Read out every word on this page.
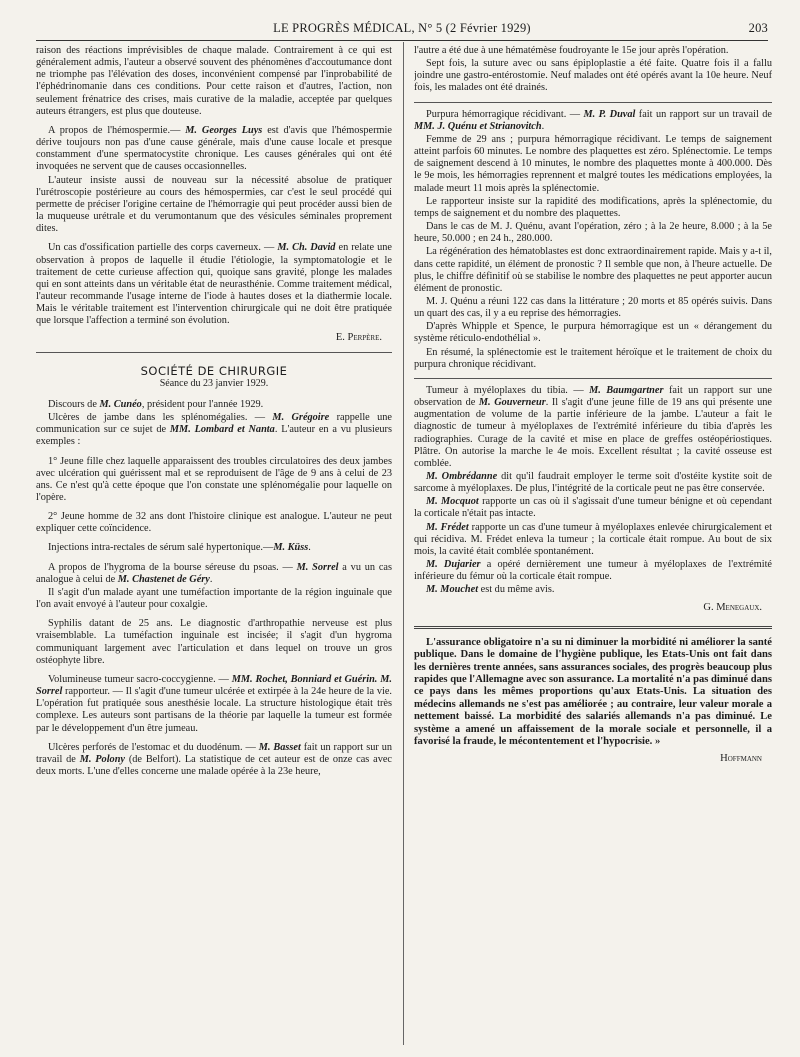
LE PROGRÈS MÉDICAL, N° 5 (2 Février 1929)	203

raison des réactions imprévisibles de chaque malade. Contrairement à ce qui est généralement admis, l'auteur a observé souvent des phénomènes d'accoutumance dont ne triomphe pas l'élévation des doses, inconvénient compensé par l'inprobabilité de l'éphédrinomanie dans ces conditions. Pour cette raison et d'autres, l'action, non seulement frénatrice des crises, mais curative de la maladie, acceptée par quelques auteurs étrangers, est plus que douteuse.

A propos de l'hémospermie.— M. Georges Luys est d'avis que l'hémospermie dérive toujours non pas d'une cause générale, mais d'une cause locale et presque constamment d'une spermatocystite chronique. Les causes générales qui ont été invoquées ne servent que de causes occasionnelles.

L'auteur insiste aussi de nouveau sur la nécessité absolue de pratiquer l'urétroscopie postérieure au cours des hémospermies, car c'est le seul procédé qui permette de préciser l'origine certaine de l'hémorragie qui peut procéder aussi bien de la muqueuse urétrale et du verumontanum que des vésicules séminales proprement dites.

Un cas d'ossification partielle des corps caverneux. — M. Ch. David en relate une observation à propos de laquelle il étudie l'étiologie, la symptomatologie et le traitement de cette curieuse affection qui, quoique sans gravité, plonge les malades qui en sont atteints dans un véritable état de neurasthénie. Comme traitement médical, l'auteur recommande l'usage interne de l'iode à hautes doses et la diathermie locale. Mais le véritable traitement est l'intervention chirurgicale qui ne doit être pratiquée que lorsque l'affection a terminé son évolution.

E. Perpère.

SOCIÉTÉ DE CHIRURGIE

Séance du 23 janvier 1929.

Discours de M. Cunéo, président pour l'année 1929.

Ulcères de jambe dans les splénomégalies. — M. Grégoire rappelle une communication sur ce sujet de MM. Lombard et Nanta. L'auteur en a vu plusieurs exemples :

1° Jeune fille chez laquelle apparaissent des troubles circulatoires des deux jambes avec ulcération qui guérissent mal et se reproduisent de l'âge de 9 ans à celui de 23 ans. Ce n'est qu'à cette époque que l'on constate une splénomégalie pour laquelle on l'opère.

2° Jeune homme de 32 ans dont l'histoire clinique est analogue. L'auteur ne peut expliquer cette coïncidence.

Injections intra-rectales de sérum salé hypertonique.—M. Küss.

A propos de l'hygroma de la bourse séreuse du psoas. — M. Sorrel a vu un cas analogue à celui de M. Chastenet de Géry.

Il s'agit d'un malade ayant une tuméfaction importante de la région inguinale que l'on avait envoyé à l'auteur pour coxalgie.

Syphilis datant de 25 ans. Le diagnostic d'arthropathie nerveuse est plus vraisemblable. La tuméfaction inguinale est incisée; il s'agit d'un hygroma communiquant largement avec l'articulation et dans lequel on trouve un gros ostéophyte libre.

Volumineuse tumeur sacro-coccygienne. — MM. Rochet, Bonniard et Guérin. M. Sorrel rapporteur. — Il s'agit d'une tumeur ulcérée et extirpée à la 24e heure de la vie. L'opération fut pratiquée sous anesthésie locale. La structure histologique était très complexe. Les auteurs sont partisans de la théorie par laquelle la tumeur est formée par le développement d'un être jumeau.

Ulcères perforés de l'estomac et du duodénum. — M. Basset fait un rapport sur un travail de M. Polony (de Belfort). La statistique de cet auteur est de onze cas avec deux morts. L'une d'elles concerne une malade opérée à la 23e heure,

l'autre a été due à une hématémèse foudroyante le 15e jour après l'opération.

Sept fois, la suture avec ou sans épiploplastie a été faite. Quatre fois il a fallu joindre une gastro-entérostomie. Neuf malades ont été opérés avant la 10e heure. Neuf fois, les malades ont été drainés.

Purpura hémorragique récidivant. — M. P. Duval fait un rapport sur un travail de MM. J. Quénu et Strianovitch.

Femme de 29 ans ; purpura hémorragique récidivant. Le temps de saignement atteint parfois 60 minutes. Le nombre des plaquettes est zéro. Splénectomie. Le temps de saignement descend à 10 minutes, le nombre des plaquettes monte à 400.000. Dès le 9e mois, les hémorragies reprennent et malgré toutes les médications employées, la malade meurt 11 mois après la splénectomie.

Le rapporteur insiste sur la rapidité des modifications, après la splénectomie, du temps de saignement et du nombre des plaquettes.

Dans le cas de M. J. Quénu, avant l'opération, zéro ; à la 2e heure, 8.000 ; à la 5e heure, 50.000 ; en 24 h., 280.000.

La régénération des hématoblastes est donc extraordinairement rapide. Mais y a-t il, dans cette rapidité, un élément de pronostic ? Il semble que non, à l'heure actuelle. De plus, le chiffre définitif où se stabilise le nombre des plaquettes ne peut apporter aucun élément de pronostic.

M. J. Quénu a réuni 122 cas dans la littérature ; 20 morts et 85 opérés suivis. Dans un quart des cas, il y a eu reprise des hémorragies.

D'après Whipple et Spence, le purpura hémorragique est un « dérangement du système réticulo-endothélial ».

En résumé, la splénectomie est le traitement héroïque et le traitement de choix du purpura chronique récidivant.

Tumeur à myéloplaxes du tibia. — M. Baumgartner fait un rapport sur une observation de M. Gouverneur. Il s'agit d'une jeune fille de 19 ans qui présente une augmentation de volume de la partie inférieure de la jambe. L'auteur a fait le diagnostic de tumeur à myéloplaxes de l'extrémité inférieure du tibia d'après les radiographies. Curage de la cavité et mise en place de greffes ostéopériostiques. Plâtre. On autorise la marche le 4e mois. Excellent résultat ; la cavité osseuse est comblée.

M. Ombrédanne dit qu'il faudrait employer le terme soit d'ostéite kystite soit de sarcome à myéloplaxes. De plus, l'intégrité de la corticale peut ne pas être conservée.

M. Mocquot rapporte un cas où il s'agissait d'une tumeur bénigne et où cependant la corticale n'était pas intacte.

M. Frédet rapporte un cas d'une tumeur à myéloplaxes enlevée chirurgicalement et qui récidiva. M. Frédet enleva la tumeur ; la corticale était rompue. Au bout de six mois, la cavité était comblée spontanément.

M. Dujarier a opéré dernièrement une tumeur à myéloplaxes de l'extrémité inférieure du fémur où la corticale était rompue.

M. Mouchet est du même avis.

G. Menegaux.

L'assurance obligatoire n'a su ni diminuer la morbidité ni améliorer la santé publique. Dans le domaine de l'hygiène publique, les Etats-Unis ont fait dans les dernières trente années, sans assurances sociales, des progrès beaucoup plus rapides que l'Allemagne avec son assurance. La mortalité n'a pas diminué dans ce pays dans les mêmes proportions qu'aux Etats-Unis. La situation des médecins allemands ne s'est pas améliorée ; au contraire, leur valeur morale a nettement baissé. La morbidité des salariés allemands n'a pas diminué. Le système a amené un affaissement de la morale sociale et personnelle, il a favorisé la fraude, le mécontentement et l'hypocrisie. »

Hoffmann
